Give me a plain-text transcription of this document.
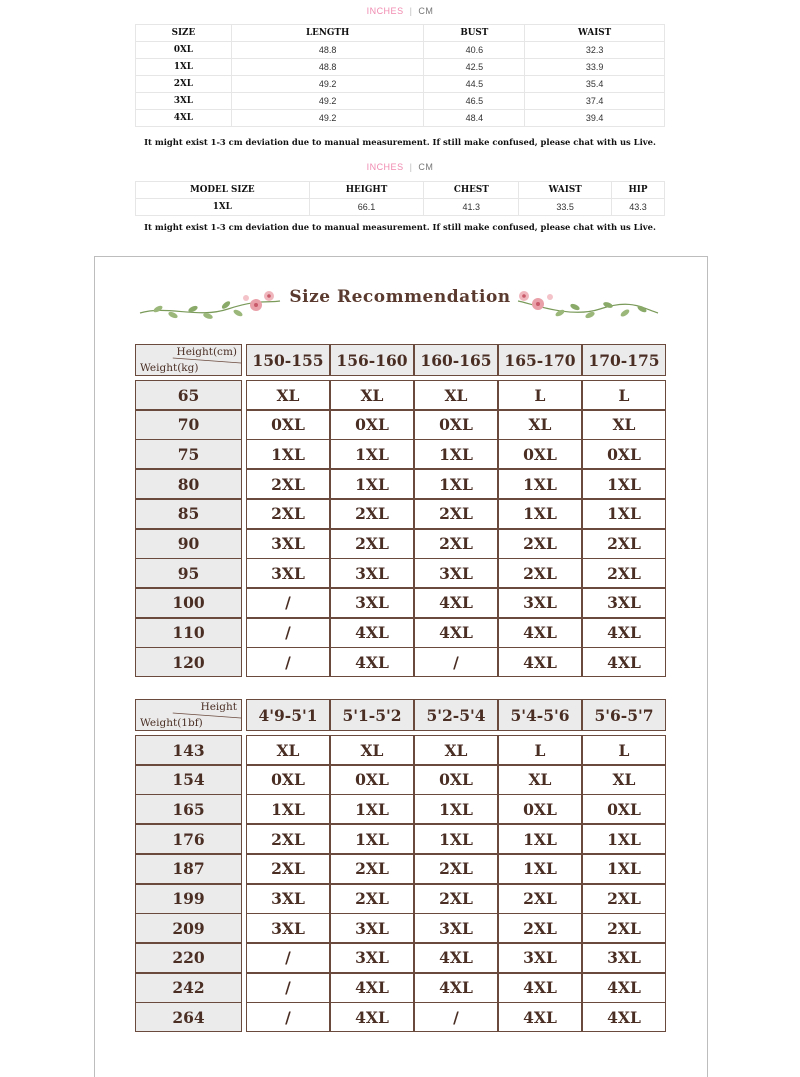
INCHES | CM
SIZE	LENGTH	BUST	WAIST
0XL	48.8	40.6	32.3
1XL	48.8	42.5	33.9
2XL	49.2	44.5	35.4
3XL	49.2	46.5	37.4
4XL	49.2	48.4	39.4
It might exist 1-3 cm deviation due to manual measurement. If still make confused, please chat with us Live.
INCHES | CM
MODEL SIZE	HEIGHT	CHEST	WAIST	HIP
1XL	66.1	41.3	33.5	43.3
It might exist 1-3 cm deviation due to manual measurement. If still make confused, please chat with us Live.
Size Recommendation
Height(cm)
Weight(kg)	150-155 156-160 160-165 165-170 170-175
65	XL	XL	XL	L	L
70	0XL	0XL	0XL	XL	XL
75	1XL	1XL	1XL	0XL	0XL
80	2XL	1XL	1XL	1XL	1XL
85	2XL	2XL	2XL	1XL	1XL
90	3XL	2XL	2XL	2XL	2XL
95	3XL	3XL	3XL	2XL	2XL
100	/	3XL	4XL	3XL	3XL
110	/	4XL	4XL	4XL	4XL
120	/	4XL	/	4XL	4XL
Height
Weight(1bf)	4'9-5'1	5'1-5'2	5'2-5'4	5'4-5'6	5'6-5'7
143	XL	XL	XL	L	L
154	0XL	0XL	0XL	XL	XL
165	1XL	1XL	1XL	0XL	0XL
176	2XL	1XL	1XL	1XL	1XL
187	2XL	2XL	2XL	1XL	1XL
199	3XL	2XL	2XL	2XL	2XL
209	3XL	3XL	3XL	2XL	2XL
220	/	3XL	4XL	3XL	3XL
242	/	4XL	4XL	4XL	4XL
264	/	4XL	/	4XL	4XL
